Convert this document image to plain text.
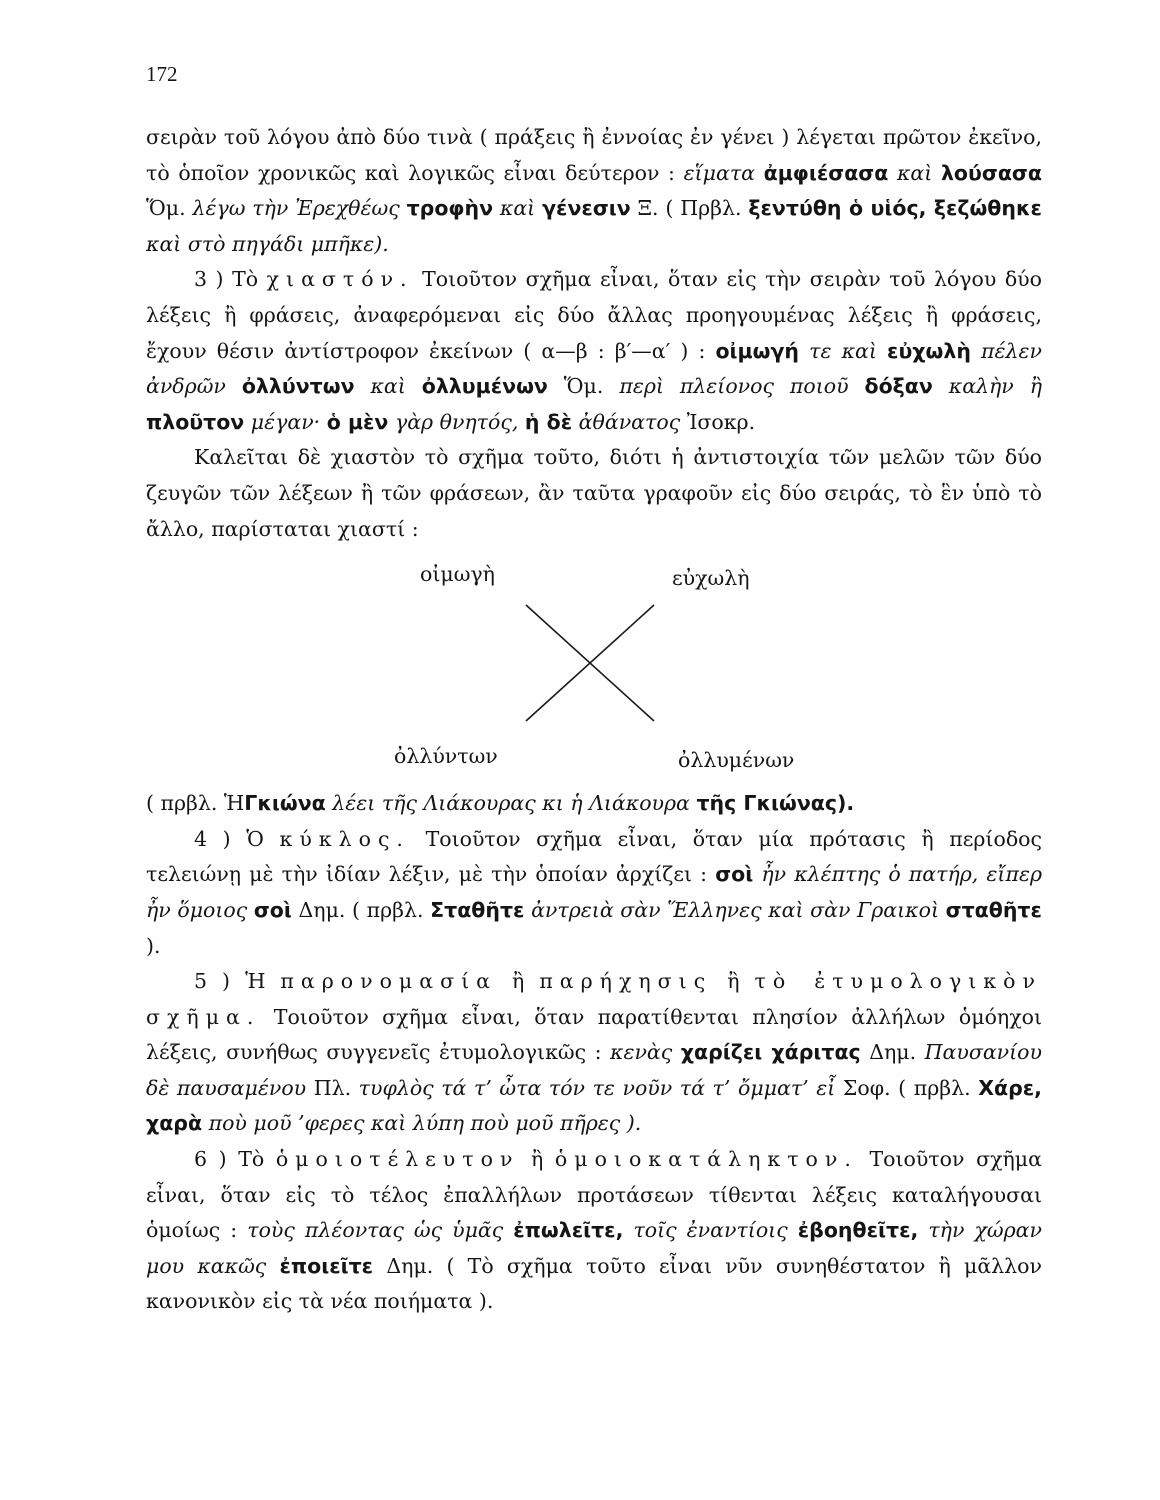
172

σειρὰν τοῦ λόγου ἀπὸ δύο τινὰ ( πράξεις ἢ ἐννοίας ἐν γένει ) λέγεται πρῶτον ἐκεῖνο, τὸ ὁποῖον χρονικῶς καὶ λογικῶς εἶναι δεύτερον : εἵματα ἀμφιέσασα καὶ λούσασα Ὅμ. λέγω τὴν Ἐρεχθέως τροφὴν καὶ γένεσιν Ξ. ( Πρβλ. ξεντύθη ὁ υἱός, ξεζώθηκε καὶ στὸ πηγάδι μπῆκε).

3 ) Τὸ χιαστόν. Τοιοῦτον σχῆμα εἶναι, ὅταν εἰς τὴν σειρὰν τοῦ λόγου δύο λέξεις ἢ φράσεις, ἀναφερόμεναι εἰς δύο ἄλλας προηγουμένας λέξεις ἢ φράσεις, ἔχουν θέσιν ἀντίστροφον ἐκείνων ( α—β : β′—α′ ) : οἰμωγή τε καὶ εὐχωλὴ πέλεν ἀνδρῶν ὀλλύντων καὶ ὀλλυμένων Ὅμ. περὶ πλείονος ποιοῦ δόξαν καλὴν ἢ πλοῦτον μέγαν· ὁ μὲν γὰρ θνητός, ἡ δὲ ἀθάνατος Ἰσοκρ.

Καλεῖται δὲ χιαστὸν τὸ σχῆμα τοῦτο, διότι ἡ ἀντιστοιχία τῶν μελῶν τῶν δύο ζευγῶν τῶν λέξεων ἢ τῶν φράσεων, ἂν ταῦτα γραφοῦν εἰς δύο σειράς, τὸ ἓν ὑπὸ τὸ ἄλλο, παρίσταται χιαστί :

οἰμωγὴ	εὐχωλὴ
ὀλλύντων	ὀλλυμένων

( πρβλ. ἩΓκιώνα λέει τῆς Λιάκουρας κι ἡ Λιάκουρα τῆς Γκιώνας).

4 ) Ὁ κύκλος. Τοιοῦτον σχῆμα εἶναι, ὅταν μία πρότασις ἢ περίοδος τελειώνῃ μὲ τὴν ἰδίαν λέξιν, μὲ τὴν ὁποίαν ἀρχίζει : σοὶ ἦν κλέπτης ὁ πατήρ, εἴπερ ἦν ὅμοιος σοὶ Δημ. ( πρβλ. Σταθῆτε ἀντρειὰ σὰν Ἕλληνες καὶ σὰν Γραικοὶ σταθῆτε ).

5 ) Ἡ παρονομασία ἢ παρήχησις ἢ τὸ ἐτυμολογικὸν σχῆμα. Τοιοῦτον σχῆμα εἶναι, ὅταν παρατίθενται πλησίον ἀλλήλων ὁμόηχοι λέξεις, συνήθως συγγενεῖς ἐτυμολογικῶς : κενὰς χαρίζει χάριτας Δημ. Παυσανίου δὲ παυσαμένου Πλ. τυφλὸς τά τ’ ὦτα τόν τε νοῦν τά τ’ ὄμματ’ εἶ Σοφ. ( πρβλ. Χάρε, χαρὰ ποὺ μοῦ ’φερες καὶ λύπη ποὺ μοῦ πῆρες ).

6 ) Τὸ ὁμοιοτέλευτον ἢ ὁμοιοκατάληκτον. Τοιοῦτον σχῆμα εἶναι, ὅταν εἰς τὸ τέλος ἐπαλλήλων προτάσεων τίθενται λέξεις καταλήγουσαι ὁμοίως : τοὺς πλέοντας ὡς ὑμᾶς ἐπωλεῖτε, τοῖς ἐναντίοις ἐβοηθεῖτε, τὴν χώραν μου κακῶς ἐποιεῖτε Δημ. ( Τὸ σχῆμα τοῦτο εἶναι νῦν συνηθέστατον ἢ μᾶλλον κανονικὸν εἰς τὰ νέα ποιήματα ).
